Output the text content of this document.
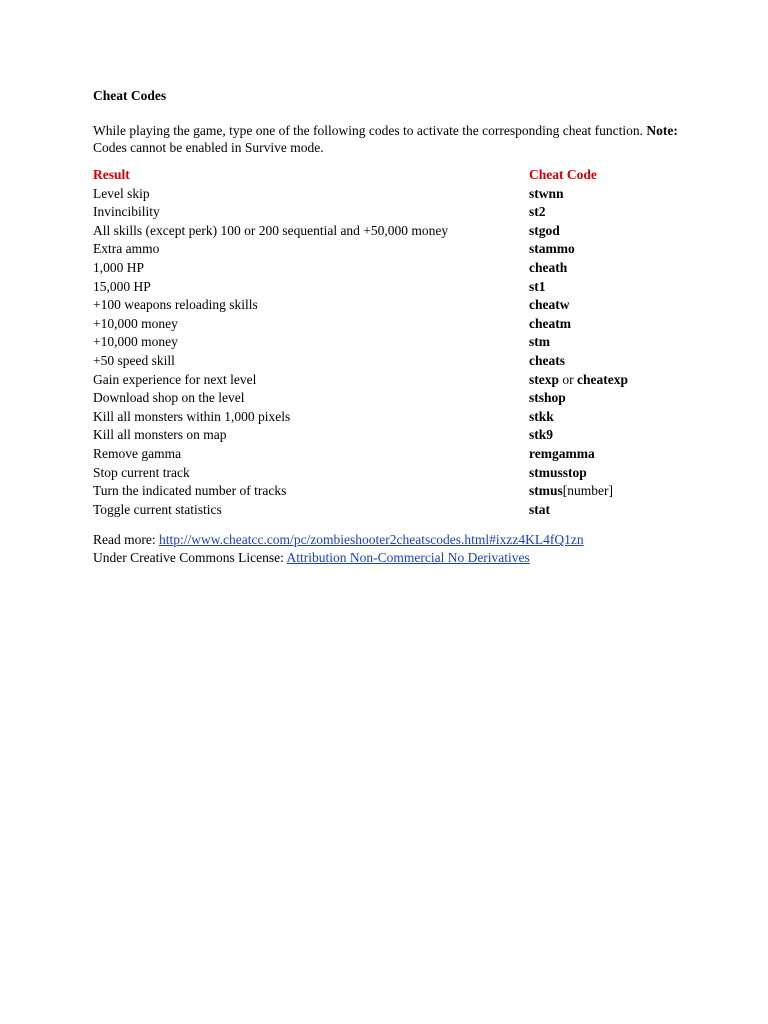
Cheat Codes

While playing the game, type one of the following codes to activate the corresponding cheat function. Note: Codes cannot be enabled in Survive mode.
Result	Cheat Code
Level skip	stwnn
Invincibility	st2
All skills (except perk) 100 or 200 sequential and +50,000 money	stgod
Extra ammo	stammo
1,000 HP	cheath
15,000 HP	st1
+100 weapons reloading skills	cheatw
+10,000 money	cheatm
+10,000 money	stm
+50 speed skill	cheats
Gain experience for next level	stexp or cheatexp
Download shop on the level	stshop
Kill all monsters within 1,000 pixels	stkk
Kill all monsters on map	stk9
Remove gamma	remgamma
Stop current track	stmusstop
Turn the indicated number of tracks	stmus[number]
Toggle current statistics	stat
Read more: http://www.cheatcc.com/pc/zombieshooter2cheatscodes.html#ixzz4KL4fQ1zn
Under Creative Commons License: Attribution Non-Commercial No Derivatives
